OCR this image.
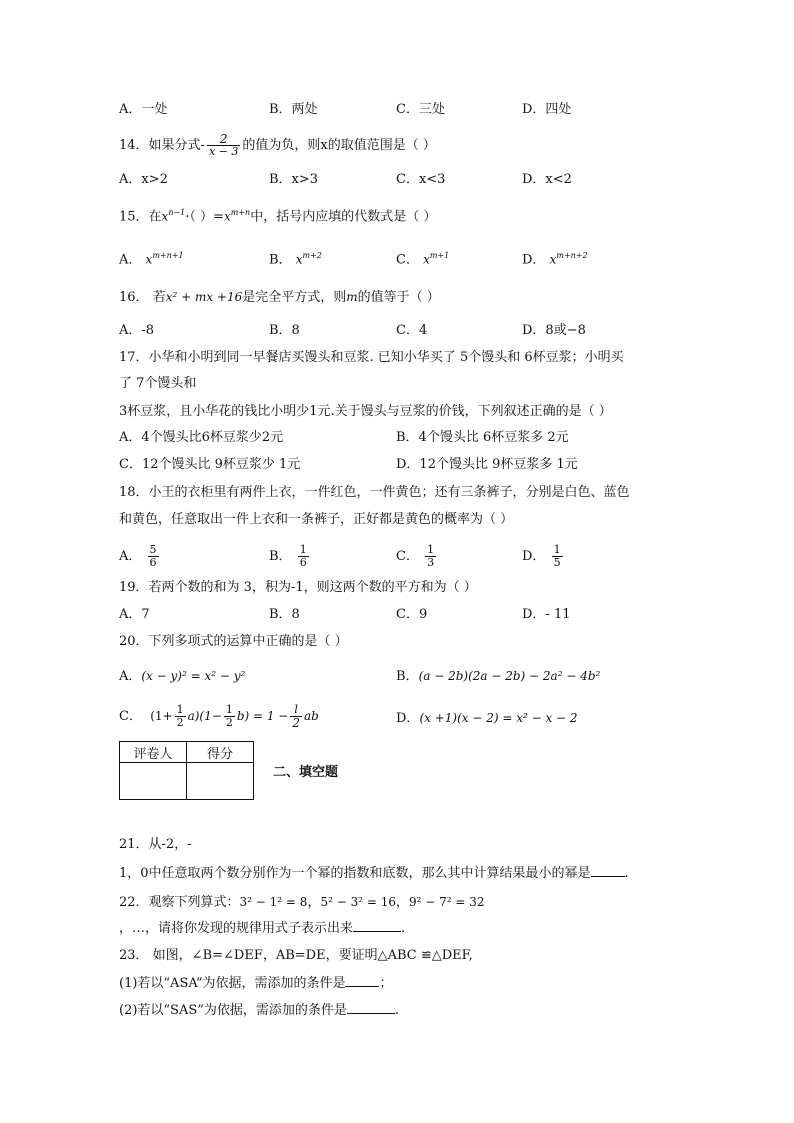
A．一处	B．两处	C．三处	D．四处
14．如果分式- $\frac{2}{x - 3}$ 的值为负，则x的取值范围是（ ）
A．x>2	B．x>3	C．x<3	D．x<2
15．在$x^{n-1}\cdot$（ ）$=x^{m+n}$中，括号内应填的代数式是（ ）
A． $x^{m+n+1}$	B． $x^{m+2}$	C． $x^{m+1}$	D． $x^{m+n+2}$
16． 若x² + mx +16是完全平方式，则m的值等于（ ）
A．-8	B．8	C．4	D．8或−8
17．小华和小明到同一早餐店买馒头和豆浆. 已知小华买了 5个馒头和 6杯豆浆；小明买
了 7个馒头和
3杯豆浆，且小华花的钱比小明少1元.关于馒头与豆浆的价钱，下列叙述正确的是（ ）
A．4个馒头比6杯豆浆少2元	B．4个馒头比 6杯豆浆多 2元
C．12个馒头比 9杯豆浆少 1元	D．12个馒头比 9杯豆浆多 1元
18．小王的衣柜里有两件上衣，一件红色，一件黄色；还有三条裤子，分别是白色、蓝色
和黄色，任意取出一件上衣和一条裤子，正好都是黄色的概率为（ ）
A． $\frac{5}{6}$	B． $\frac{1}{6}$	C． $\frac{1}{3}$	D． $\frac{1}{5}$
19．若两个数的和为 3，积为-1，则这两个数的平方和为（ ）
A．7	B．8	C．9	D．- 11
20．下列多项式的运算中正确的是（ ）
A．(x − y)² = x² − y²	B．(a − 2b)(2a − 2b) − 2a² − 4b²
C． $(1+ \frac{1}{2} a)(1- \frac{1}{2} b) = 1 - \frac{l}{2}$ ab	D．(x +1)(x − 2) = x² − x − 2
评卷人	得分

二、填空题
21．从-2，-
1，0中任意取两个数分别作为一个幂的指数和底数，那么其中计算结果最小的幂是	.
22．观察下列算式：3² − 1² = 8，5² − 3² = 16，9² − 7² = 32
，…，请将你发现的规律用式子表示出来	.
23． 如图，∠B=∠DEF，AB=DE，要证明△ABC ≌△DEF,
(1)若以“ASA”为依据，需添加的条件是	；
(2)若以“SAS”为依据，需添加的条件是	.
